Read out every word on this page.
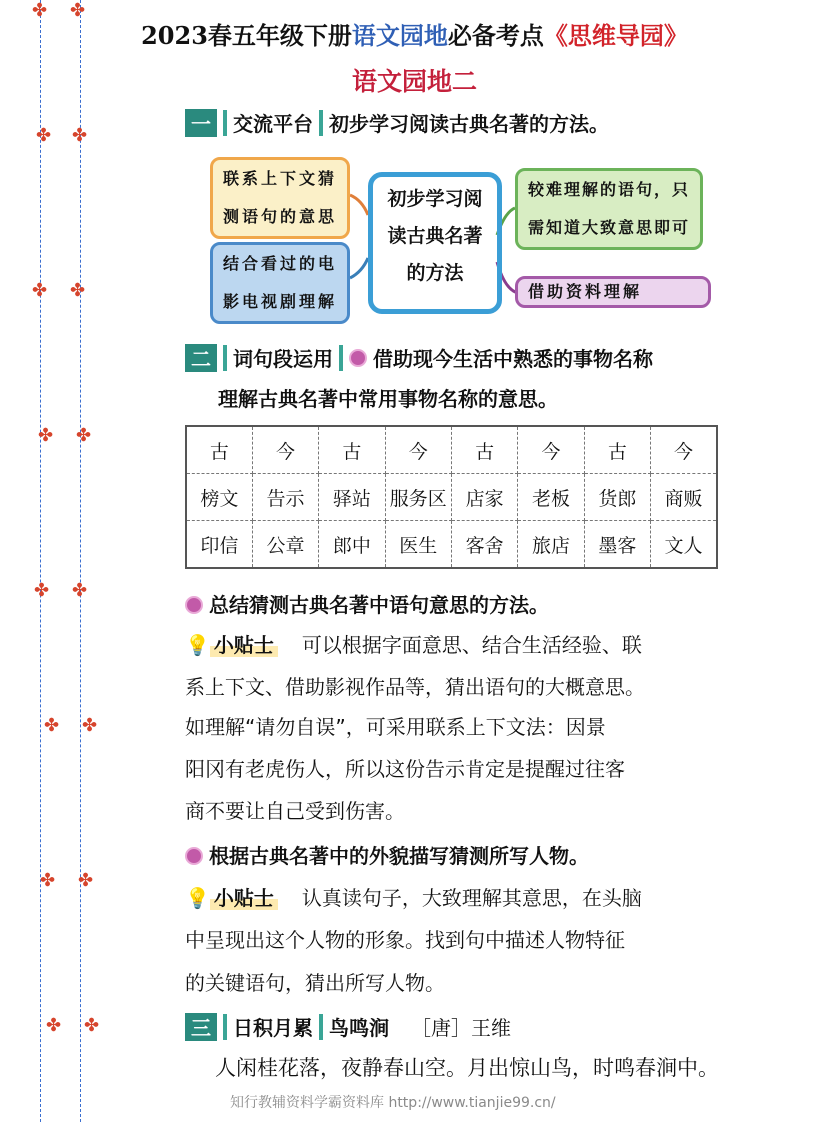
✤ ✤
✤ ✤
✤ ✤
✤ ✤
✤ ✤
✤ ✤
✤ ✤
✤ ✤
2023春五年级下册语文园地必备考点《思维导园》
语文园地二
一	交流平台 初步学习阅读古典名著的方法。
联系上下文猜
测语句的意思
结合看过的电
影电视剧理解
初步学习阅
读古典名著
的方法
较难理解的语句，只
需知道大致意思即可
借助资料理解
二	词句段运用 借助现今生活中熟悉的事物名称
理解古典名著中常用事物名称的意思。
古	今	古	今	古	今	古	今
榜文	告示	驿站	服务区	店家	老板	货郎	商贩
印信	公章	郎中	医生	客舍	旅店	墨客	文人
总结猜测古典名著中语句意思的方法。
💡 小贴士 可以根据字面意思、结合生活经验、联
系上下文、借助影视作品等，猜出语句的大概意思。
如理解“请勿自误”，可采用联系上下文法：因景
阳冈有老虎伤人，所以这份告示肯定是提醒过往客
商不要让自己受到伤害。
根据古典名著中的外貌描写猜测所写人物。
💡 小贴士 认真读句子，大致理解其意思，在头脑
中呈现出这个人物的形象。找到句中描述人物特征
的关键语句，猜出所写人物。
三	日积月累 鸟鸣涧 ［唐］王维
人闲桂花落，夜静春山空。月出惊山鸟，时鸣春涧中。
知行教辅资料学霸资料库 http://www.tianjie99.cn/
